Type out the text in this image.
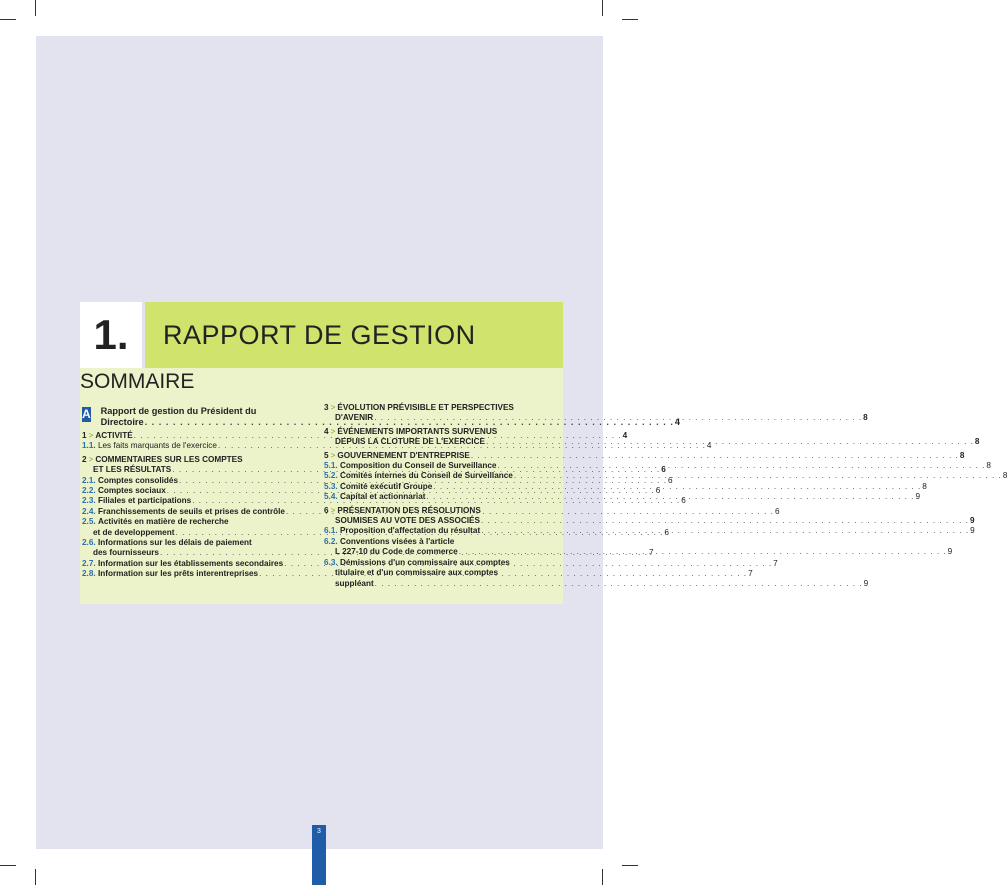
1.	RAPPORT DE GESTION
SOMMAIRE
A Rapport de gestion du Président du
Directoire . . .	4
1 > ACTIVITÉ . . .	4
1.1. Les faits marquants de l'exercice . . .	4
2 > COMMENTAIRES SUR LES COMPTES
ET LES RÉSULTATS . . .	6
2.1. Comptes consolidés . . .	6
2.2. Comptes sociaux . . .	6
2.3. Filiales et participations . . .	6
2.4. Franchissements de seuils et prises de contrôle . . .	6
2.5. Activités en matière de recherche
et de developpement . . .	6
2.6. Informations sur les délais de paiement
des fournisseurs . . .	7
2.7. Information sur les établissements secondaires . . .	7
2.8. Information sur les prêts interentreprises . . .	7
3 > ÉVOLUTION PRÉVISIBLE ET PERSPECTIVES
D'AVENIR . . .	8
4 > ÉVÉNEMENTS IMPORTANTS SURVENUS
DEPUIS LA CLOTURE DE L'EXERCICE . . .	8
5 > GOUVERNEMENT D'ENTREPRISE . . .	8
5.1. Composition du Conseil de Surveillance . . .	8
5.2. Comités internes du Conseil de Surveillance . . .	8
5.3. Comité exécutif Groupe . . .	8
5.4. Capital et actionnariat . . .	9
6 > PRÉSENTATION DES RÉSOLUTIONS
SOUMISES AU VOTE DES ASSOCIÉS . . .	9
6.1. Proposition d'affectation du résultat . . .	9
6.2. Conventions visées à l'article
L 227-10 du Code de commerce . . .	9
6.3. Démissions d'un commissaire aux comptes
titulaire et d'un commissaire aux comptes
suppléant . . .	9
3
